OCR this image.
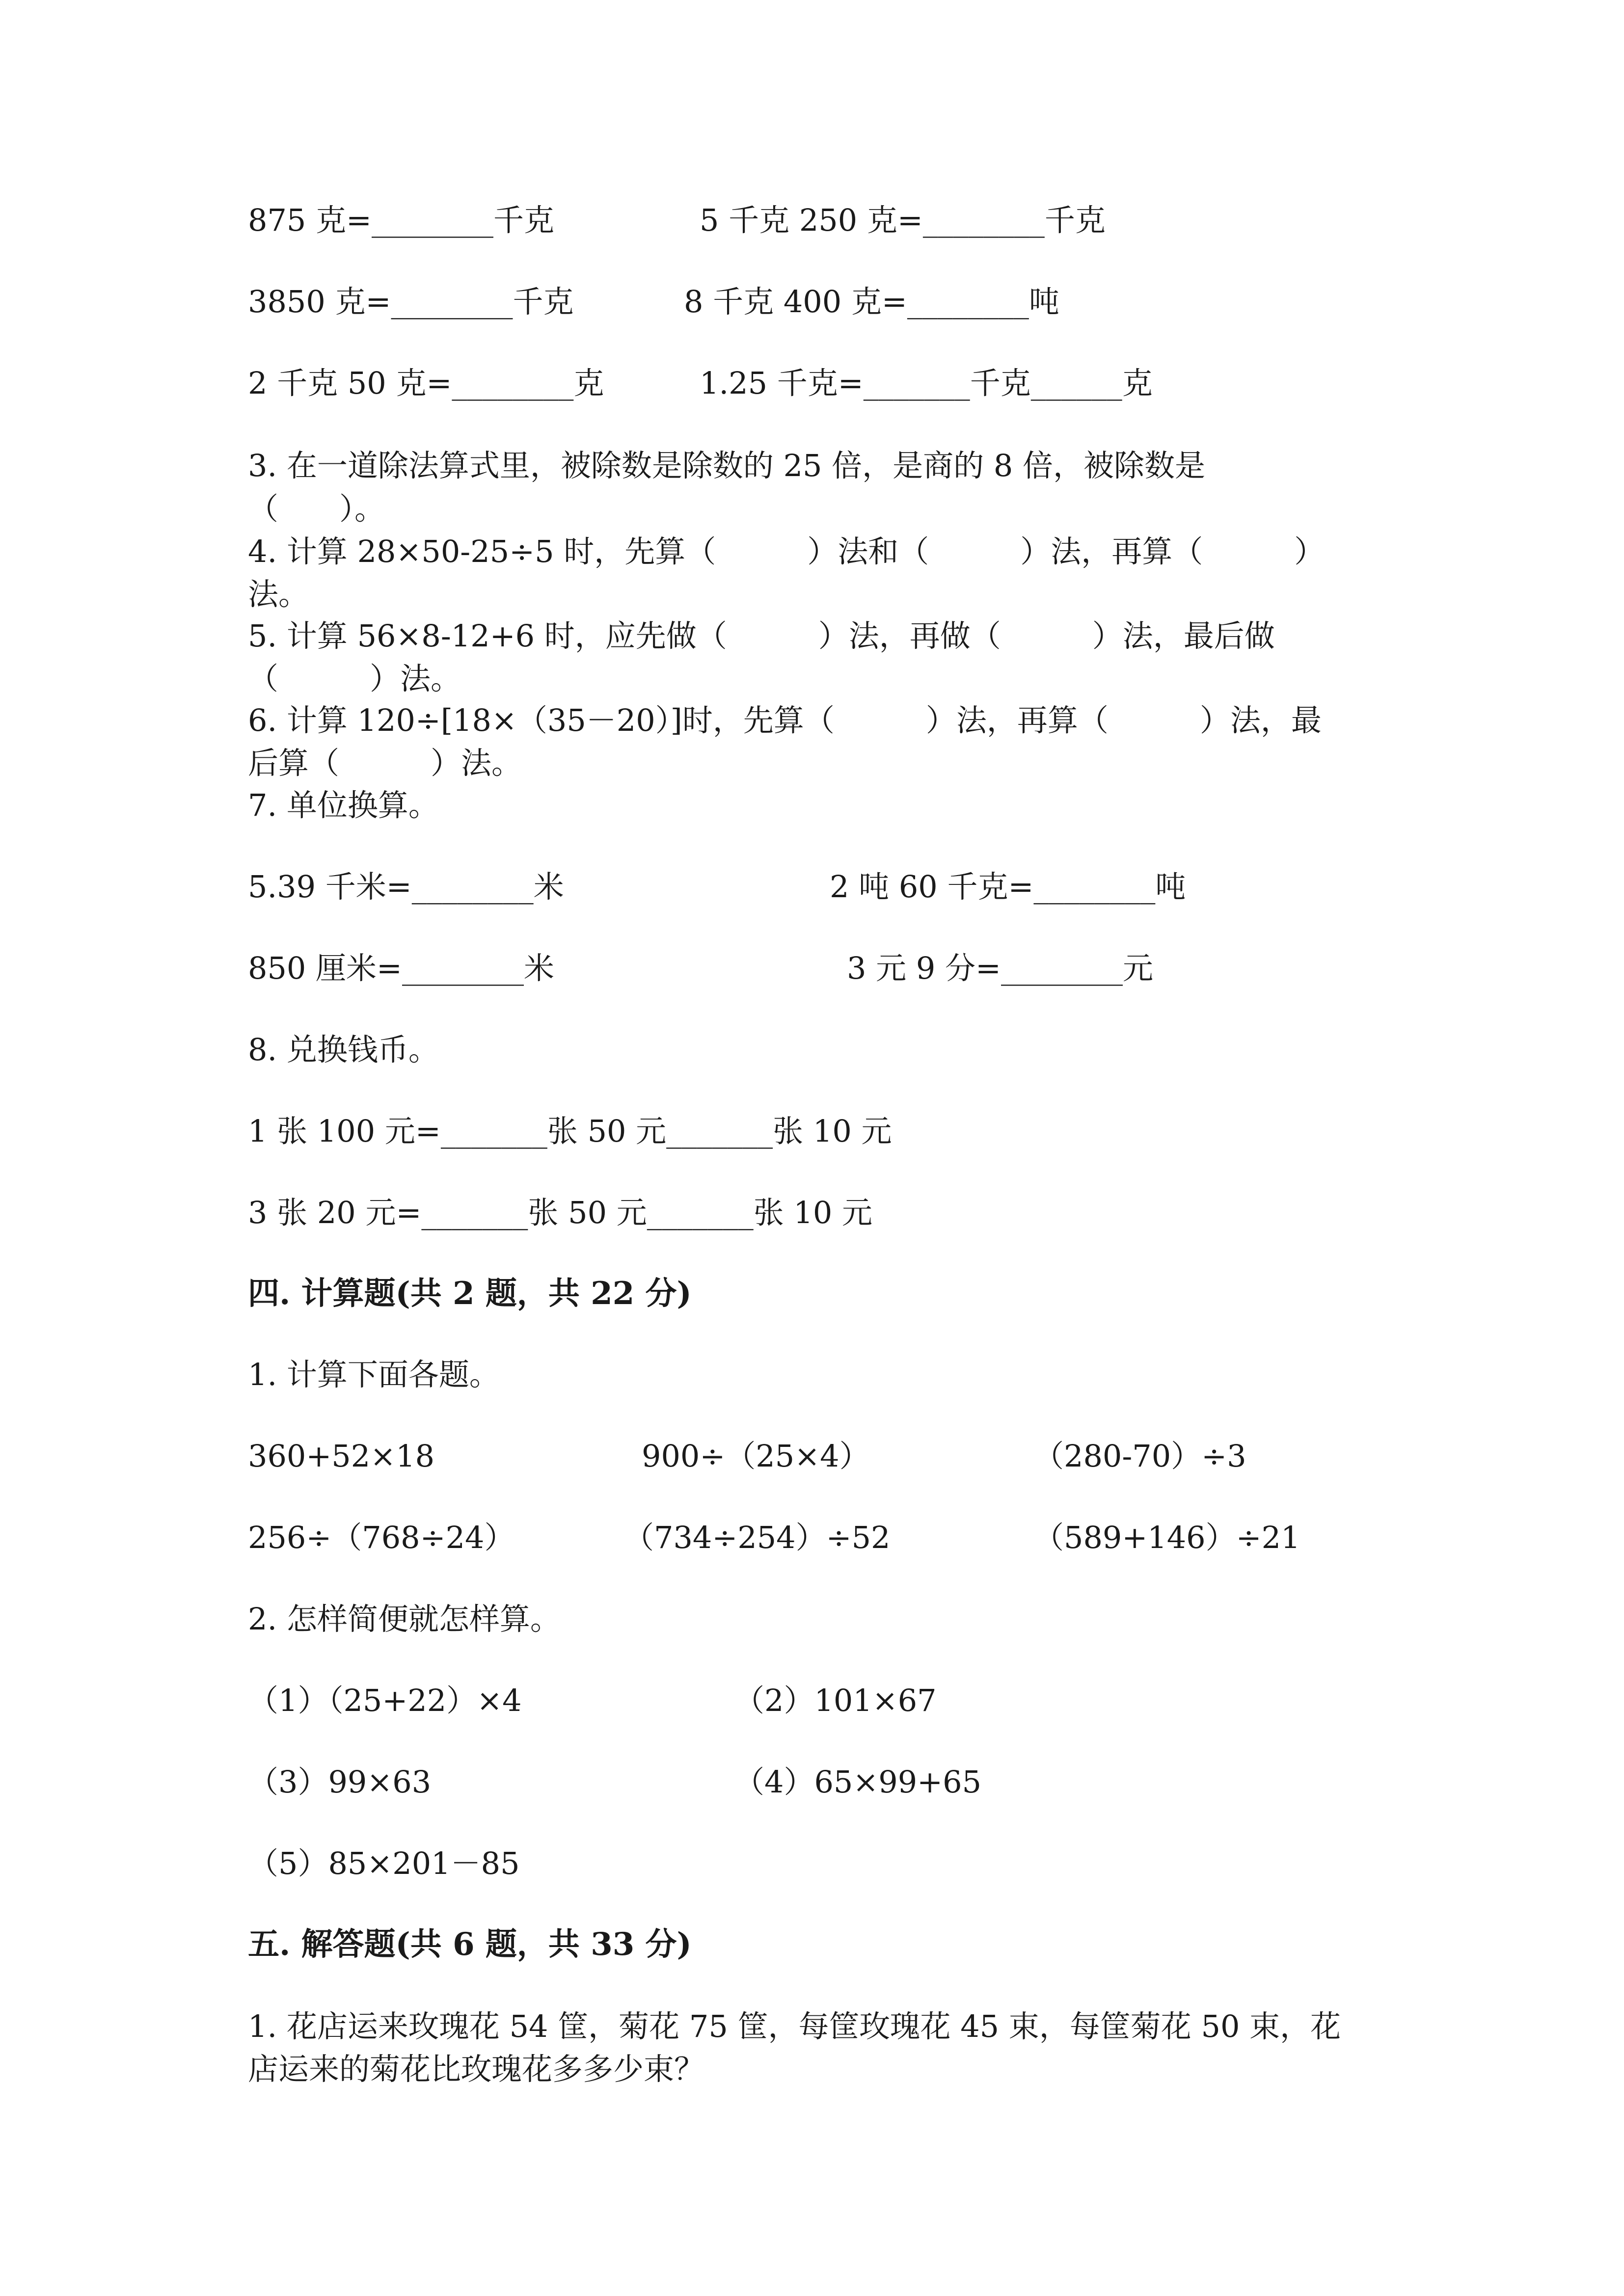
875 克=________千克	5 千克 250 克=________千克
3850 克=________千克	8 千克 400 克=________吨
2 千克 50 克=________克	1.25 千克=_______千克______克
3. 在一道除法算式里，被除数是除数的 25 倍，是商的 8 倍，被除数是
（　　）。
4. 计算 28×50-25÷5 时，先算（　　　）法和（　　　）法，再算（　　　）
法。
5. 计算 56×8-12+6 时，应先做（　　　）法，再做（　　　）法，最后做
（　　　）法。
6. 计算 120÷[18×（35－20）]时，先算（　　　）法，再算（　　　）法，最
后算（　　　）法。
7. 单位换算。
5.39 千米=________米	2 吨 60 千克=________吨
850 厘米=________米	3 元 9 分=________元
8. 兑换钱币。
1 张 100 元=_______张 50 元_______张 10 元
3 张 20 元=_______张 50 元_______张 10 元
四. 计算题(共 2 题，共 22 分)
1. 计算下面各题。
360+52×18	900÷（25×4）	（280-70）÷3
256÷（768÷24）	（734÷254）÷52	（589+146）÷21
2. 怎样简便就怎样算。
（1）（25+22）×4	（2）101×67
（3）99×63	（4）65×99+65
（5）85×201－85
五. 解答题(共 6 题，共 33 分)
1. 花店运来玫瑰花 54 筐，菊花 75 筐，每筐玫瑰花 45 束，每筐菊花 50 束，花
店运来的菊花比玫瑰花多多少束？
